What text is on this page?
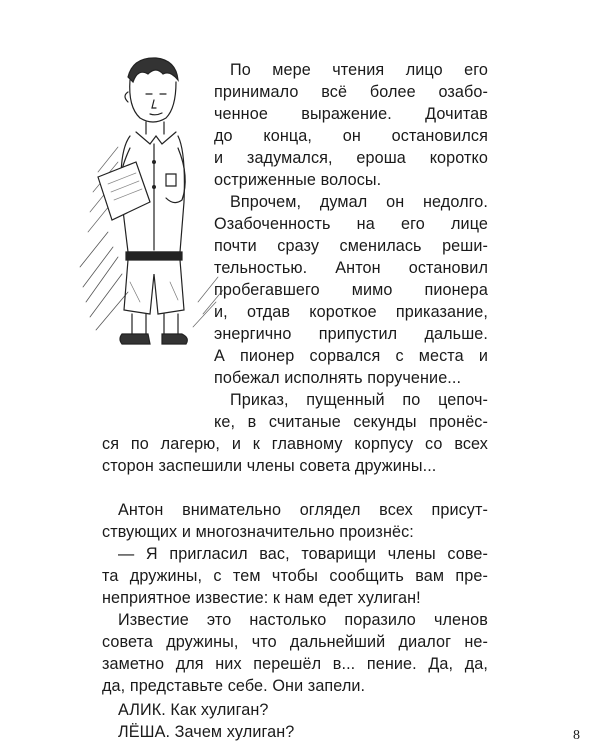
По мере чтения лицо его
принимало всё более озабо-
ченное выражение. Дочитав
до конца, он остановился
и задумался, ероша коротко
остриженные волосы.
Впрочем, думал он недолго.
Озабоченность на его лице
почти сразу сменилась реши-
тельностью. Антон остановил
пробегавшего мимо пионера
и, отдав короткое приказание,
энергично припустил дальше.
А пионер сорвался с места и
побежал исполнять поручение...
Приказ, пущенный по цепоч-
ке, в считаные секунды пронёс-
ся по лагерю, и к главному корпусу со всех
сторон заспешили члены совета дружины...
Антон внимательно оглядел всех присут-
ствующих и многозначительно произнёс:
— Я пригласил вас, товарищи члены сове-
та дружины, с тем чтобы сообщить вам пре-
неприятное известие: к нам едет хулиган!
Известие это настолько поразило членов
совета дружины, что дальнейший диалог не-
заметно для них перешёл в... пение. Да, да,
да, представьте себе. Они запели.
АЛИК. Как хулиган?
ЛЁША. Зачем хулиган?	8
